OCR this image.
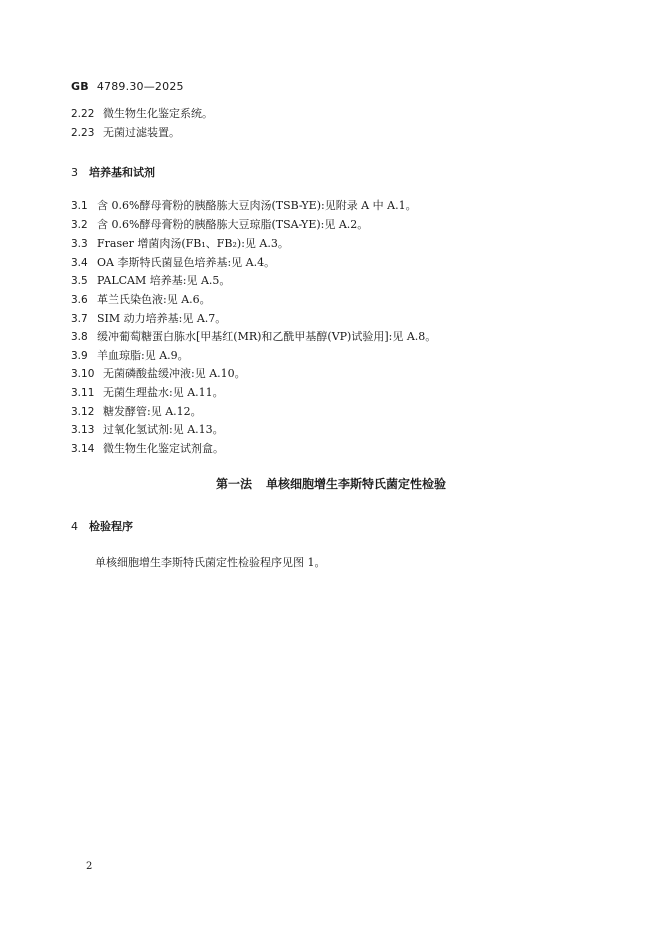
GB 4789.30—2025
2.22 微生物生化鉴定系统。
2.23 无菌过滤装置。
3 培养基和试剂
3.1 含 0.6%酵母膏粉的胰酪胨大豆肉汤(TSB-YE):见附录 A 中 A.1。
3.2 含 0.6%酵母膏粉的胰酪胨大豆琼脂(TSA-YE):见 A.2。
3.3 Fraser 增菌肉汤(FB₁、FB₂):见 A.3。
3.4 OA 李斯特氏菌显色培养基:见 A.4。
3.5 PALCAM 培养基:见 A.5。
3.6 革兰氏染色液:见 A.6。
3.7 SIM 动力培养基:见 A.7。
3.8 缓冲葡萄糖蛋白胨水[甲基红(MR)和乙酰甲基醇(VP)试验用]:见 A.8。
3.9 羊血琼脂:见 A.9。
3.10 无菌磷酸盐缓冲液:见 A.10。
3.11 无菌生理盐水:见 A.11。
3.12 糖发酵管:见 A.12。
3.13 过氧化氢试剂:见 A.13。
3.14 微生物生化鉴定试剂盒。
第一法 单核细胞增生李斯特氏菌定性检验
4 检验程序
单核细胞增生李斯特氏菌定性检验程序见图 1。
2
